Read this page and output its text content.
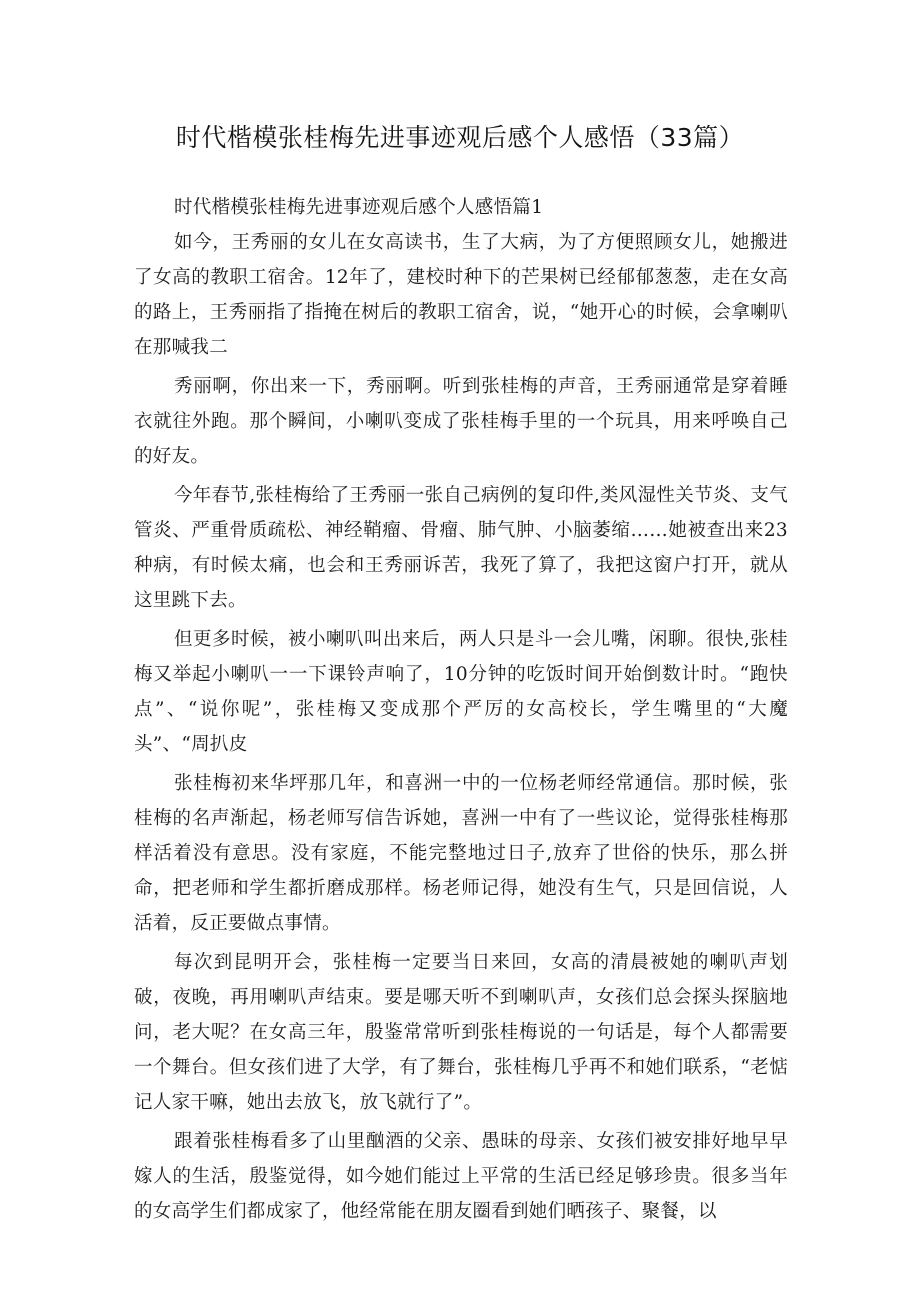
时代楷模张桂梅先进事迹观后感个人感悟（33篇）

时代楷模张桂梅先进事迹观后感个人感悟篇1

如今，王秀丽的女儿在女高读书，生了大病，为了方便照顾女儿，她搬进了女高的教职工宿舍。12年了，建校时种下的芒果树已经郁郁葱葱，走在女高的路上，王秀丽指了指掩在树后的教职工宿舍，说，“她开心的时候，会拿喇叭在那喊我二

秀丽啊，你出来一下，秀丽啊。听到张桂梅的声音，王秀丽通常是穿着睡衣就往外跑。那个瞬间，小喇叭变成了张桂梅手里的一个玩具，用来呼唤自己的好友。

今年春节,张桂梅给了王秀丽一张自己病例的复印件,类风湿性关节炎、支气管炎、严重骨质疏松、神经鞘瘤、骨瘤、肺气肿、小脑萎缩……她被查出来23种病，有时候太痛，也会和王秀丽诉苦，我死了算了，我把这窗户打开，就从这里跳下去。

但更多时候，被小喇叭叫出来后，两人只是斗一会儿嘴，闲聊。很快,张桂梅又举起小喇叭一一下课铃声响了，10分钟的吃饭时间开始倒数计时。“跑快点”、“说你呢”，张桂梅又变成那个严厉的女高校长，学生嘴里的“大魔头”、“周扒皮

张桂梅初来华坪那几年，和喜洲一中的一位杨老师经常通信。那时候，张桂梅的名声渐起，杨老师写信告诉她，喜洲一中有了一些议论，觉得张桂梅那样活着没有意思。没有家庭，不能完整地过日子,放弃了世俗的快乐，那么拼命，把老师和学生都折磨成那样。杨老师记得，她没有生气，只是回信说，人活着，反正要做点事情。

每次到昆明开会，张桂梅一定要当日来回，女高的清晨被她的喇叭声划破，夜晚，再用喇叭声结束。要是哪天听不到喇叭声，女孩们总会探头探脑地问，老大呢？在女高三年，殷鉴常常听到张桂梅说的一句话是，每个人都需要一个舞台。但女孩们进了大学，有了舞台，张桂梅几乎再不和她们联系，“老惦记人家干嘛，她出去放飞，放飞就行了”。

跟着张桂梅看多了山里酗酒的父亲、愚昧的母亲、女孩们被安排好地早早嫁人的生活，殷鉴觉得，如今她们能过上平常的生活已经足够珍贵。很多当年的女高学生们都成家了，他经常能在朋友圈看到她们晒孩子、聚餐，以
